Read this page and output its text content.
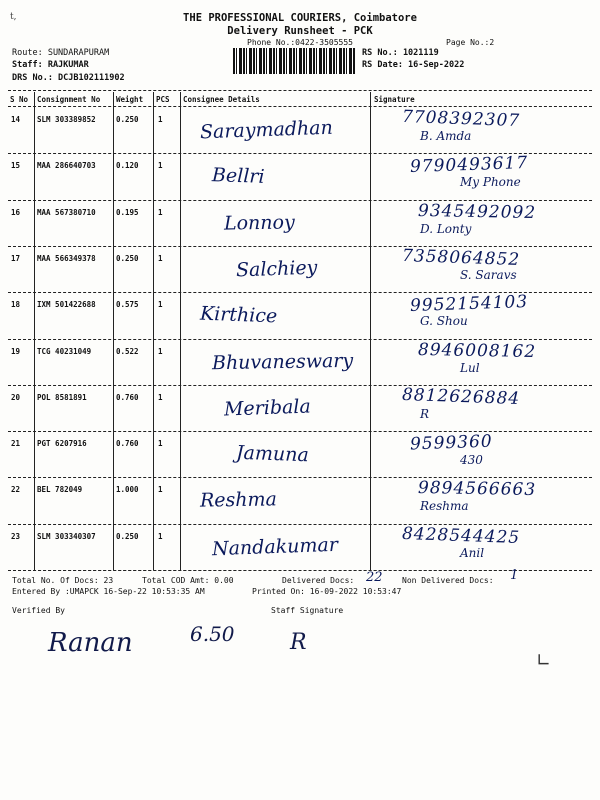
t,	THE PROFESSIONAL COURIERS, Coimbatore
Delivery Runsheet - PCK
Phone No.:0422-3505555	Page No.:2
Route: SUNDARAPURAM
Staff: RAJKUMAR
DRS No.: DCJB102111902
RS No.: 1021119
RS Date: 16-Sep-2022
S No Consignment No Weight PCS Consignee Details	Signature
14 SLM 303389852	0.250	1 Saraymadhan	7708392307
B. Amda
15 MAA 286640703	0.120	1	Bellri	9790493617
My Phone
16 MAA 567380710	0.195	1	Lonnoy	9345492092
D. Lonty
17 MAA 566349378	0.250	1	Salchiey	7358064852
S. Saravs
18 IXM 501422688	0.575	1 Kirthice	9952154103
G. Shou
19 TCG 40231049	0.522	1	Bhuvaneswary	8946008162
Lul
20 POL 8581891	0.760	1	Meribala	8812626884
R
21 PGT 6207916	0.760	1	Jamuna	9599360
430
22 BEL 782049	1.000	1 Reshma	9894566663
Reshma
23 SLM 303340307	0.250	1	Nandakumar	8428544425
Anil
Total No. Of Docs: 23	Total COD Amt: 0.00	Delivered Docs: 22 Non Delivered Docs: 1
Entered By :UMAPCK 16-Sep-22 10:53:35 AM	Printed On: 16-09-2022 10:53:47
Verified By	Staff Signature
Ranan	6.50	R
∟
